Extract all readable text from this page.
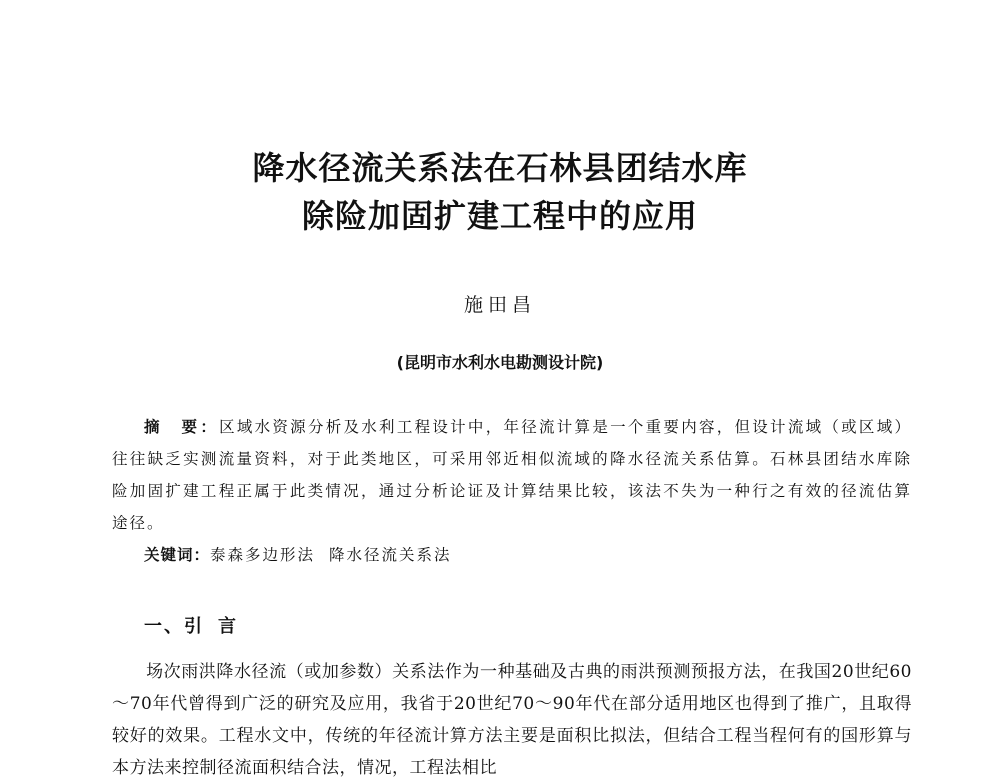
降水径流关系法在石林县团结水库
除险加固扩建工程中的应用
施田昌
(昆明市水利水电勘测设计院)
摘　要：区域水资源分析及水利工程设计中，年径流计算是一个重要内容，但设计流域（或区域）往往缺乏实测流量资料，对于此类地区，可采用邻近相似流域的降水径流关系估算。石林县团结水库除险加固扩建工程正属于此类情况，通过分析论证及计算结果比较，该法不失为一种行之有效的径流估算途径。
关键词：泰森多边形法 降水径流关系法
一、引 言
场次雨洪降水径流（或加参数）关系法作为一种基础及古典的雨洪预测预报方法，在我国20世纪60～70年代曾得到广泛的研究及应用，我省于20世纪70～90年代在部分适用地区也得到了推广，且取得较好的效果。工程水文中，传统的年径流计算方法主要是面积比拟法，但结合工程当程何有的国形算与本方法来控制径流面积结合法，情况，工程法相比
